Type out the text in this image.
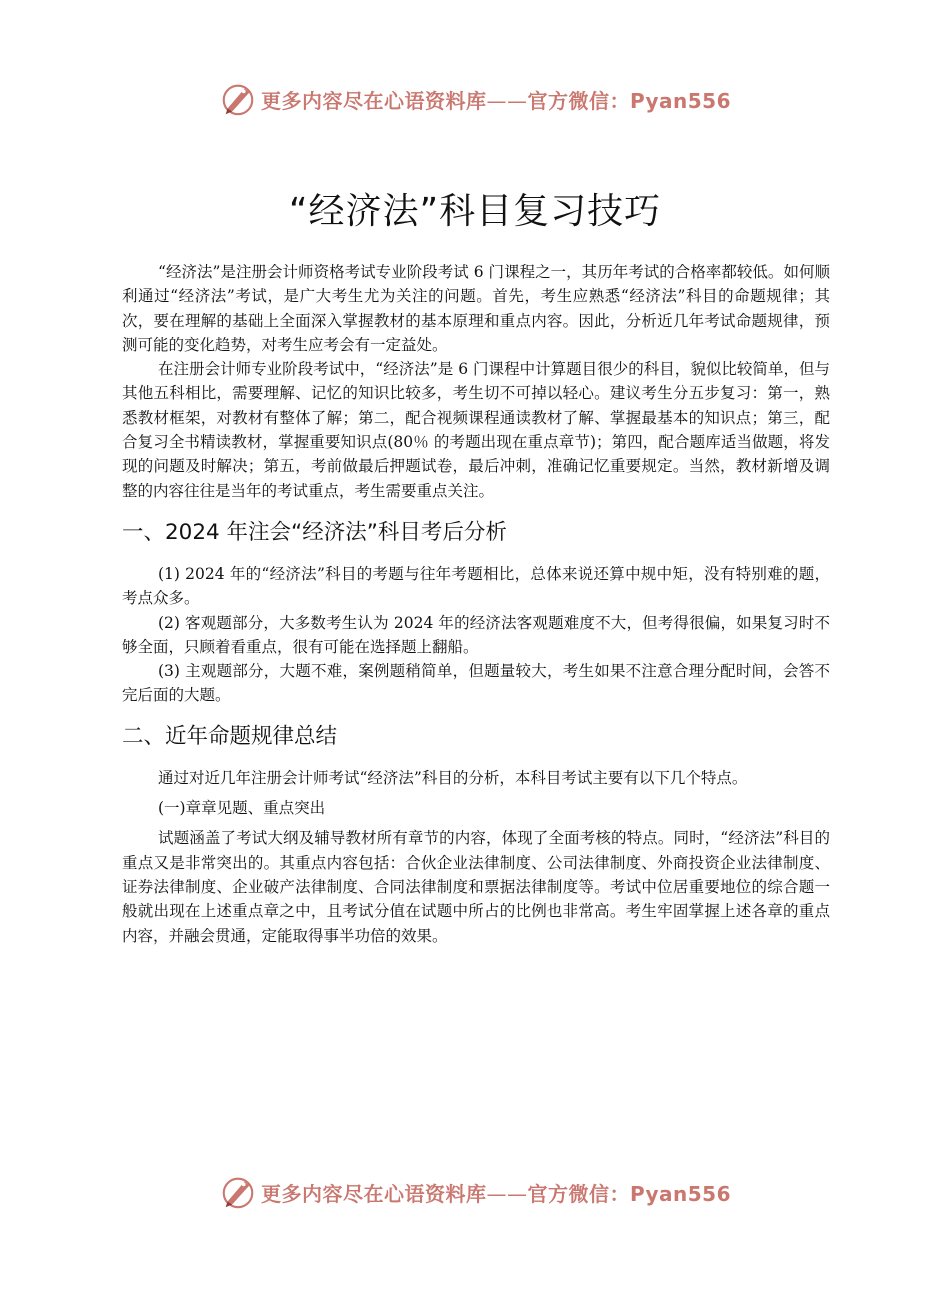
更多内容尽在心语资料库——官方微信：Pyan556
“经济法”科目复习技巧

“经济法”是注册会计师资格考试专业阶段考试 6 门课程之一，其历年考试的合格率都较低。如何顺利通过“经济法”考试，是广大考生尤为关注的问题。首先，考生应熟悉“经济法”科目的命题规律；其次，要在理解的基础上全面深入掌握教材的基本原理和重点内容。因此，分析近几年考试命题规律，预测可能的变化趋势，对考生应考会有一定益处。

在注册会计师专业阶段考试中，“经济法”是 6 门课程中计算题目很少的科目，貌似比较简单，但与其他五科相比，需要理解、记忆的知识比较多，考生切不可掉以轻心。建议考生分五步复习：第一，熟悉教材框架，对教材有整体了解；第二，配合视频课程通读教材了解、掌握最基本的知识点；第三，配合复习全书精读教材，掌握重要知识点(80％ 的考题出现在重点章节)；第四，配合题库适当做题，将发现的问题及时解决；第五，考前做最后押题试卷，最后冲刺，准确记忆重要规定。当然，教材新增及调整的内容往往是当年的考试重点，考生需要重点关注。

一、2024 年注会“经济法”科目考后分析

(1) 2024 年的“经济法”科目的考题与往年考题相比，总体来说还算中规中矩，没有特别难的题，考点众多。

(2) 客观题部分，大多数考生认为 2024 年的经济法客观题难度不大，但考得很偏，如果复习时不够全面，只顾着看重点，很有可能在选择题上翻船。

(3) 主观题部分，大题不难，案例题稍简单，但题量较大，考生如果不注意合理分配时间，会答不完后面的大题。

二、近年命题规律总结

通过对近几年注册会计师考试“经济法”科目的分析，本科目考试主要有以下几个特点。

(一)章章见题、重点突出

试题涵盖了考试大纲及辅导教材所有章节的内容，体现了全面考核的特点。同时，“经济法”科目的重点又是非常突出的。其重点内容包括：合伙企业法律制度、公司法律制度、外商投资企业法律制度、证券法律制度、企业破产法律制度、合同法律制度和票据法律制度等。考试中位居重要地位的综合题一般就出现在上述重点章之中，且考试分值在试题中所占的比例也非常高。考生牢固掌握上述各章的重点内容，并融会贯通，定能取得事半功倍的效果。

更多内容尽在心语资料库——官方微信：Pyan556
